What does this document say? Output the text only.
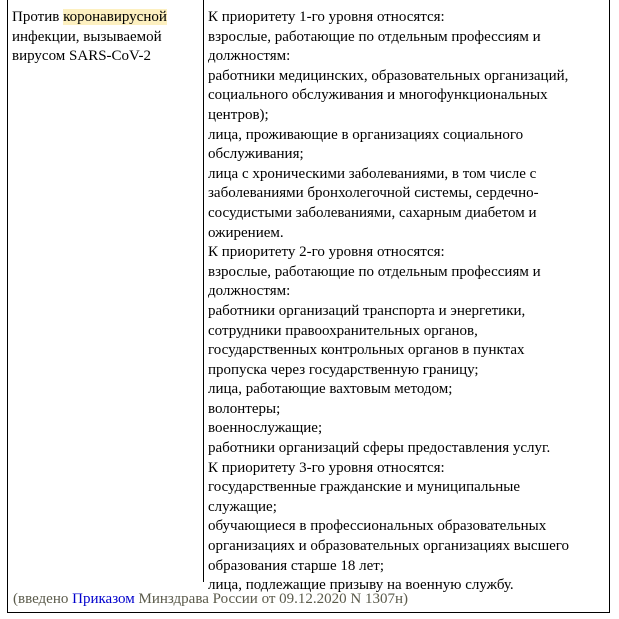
Против коронавирусной
инфекции, вызываемой
вирусом SARS-CoV-2
К приоритету 1-го уровня относятся:
взрослые, работающие по отдельным профессиям и
должностям:
работники медицинских, образовательных организаций,
социального обслуживания и многофункциональных
центров);
лица, проживающие в организациях социального
обслуживания;
лица с хроническими заболеваниями, в том числе с
заболеваниями бронхолегочной системы, сердечно-
сосудистыми заболеваниями, сахарным диабетом и
ожирением.
К приоритету 2-го уровня относятся:
взрослые, работающие по отдельным профессиям и
должностям:
работники организаций транспорта и энергетики,
сотрудники правоохранительных органов,
государственных контрольных органов в пунктах
пропуска через государственную границу;
лица, работающие вахтовым методом;
волонтеры;
военнослужащие;
работники организаций сферы предоставления услуг.
К приоритету 3-го уровня относятся:
государственные гражданские и муниципальные
служащие;
обучающиеся в профессиональных образовательных
организациях и образовательных организациях высшего
образования старше 18 лет;
лица, подлежащие призыву на военную службу.
(введено Приказом Минздрава России от 09.12.2020 N 1307н)
